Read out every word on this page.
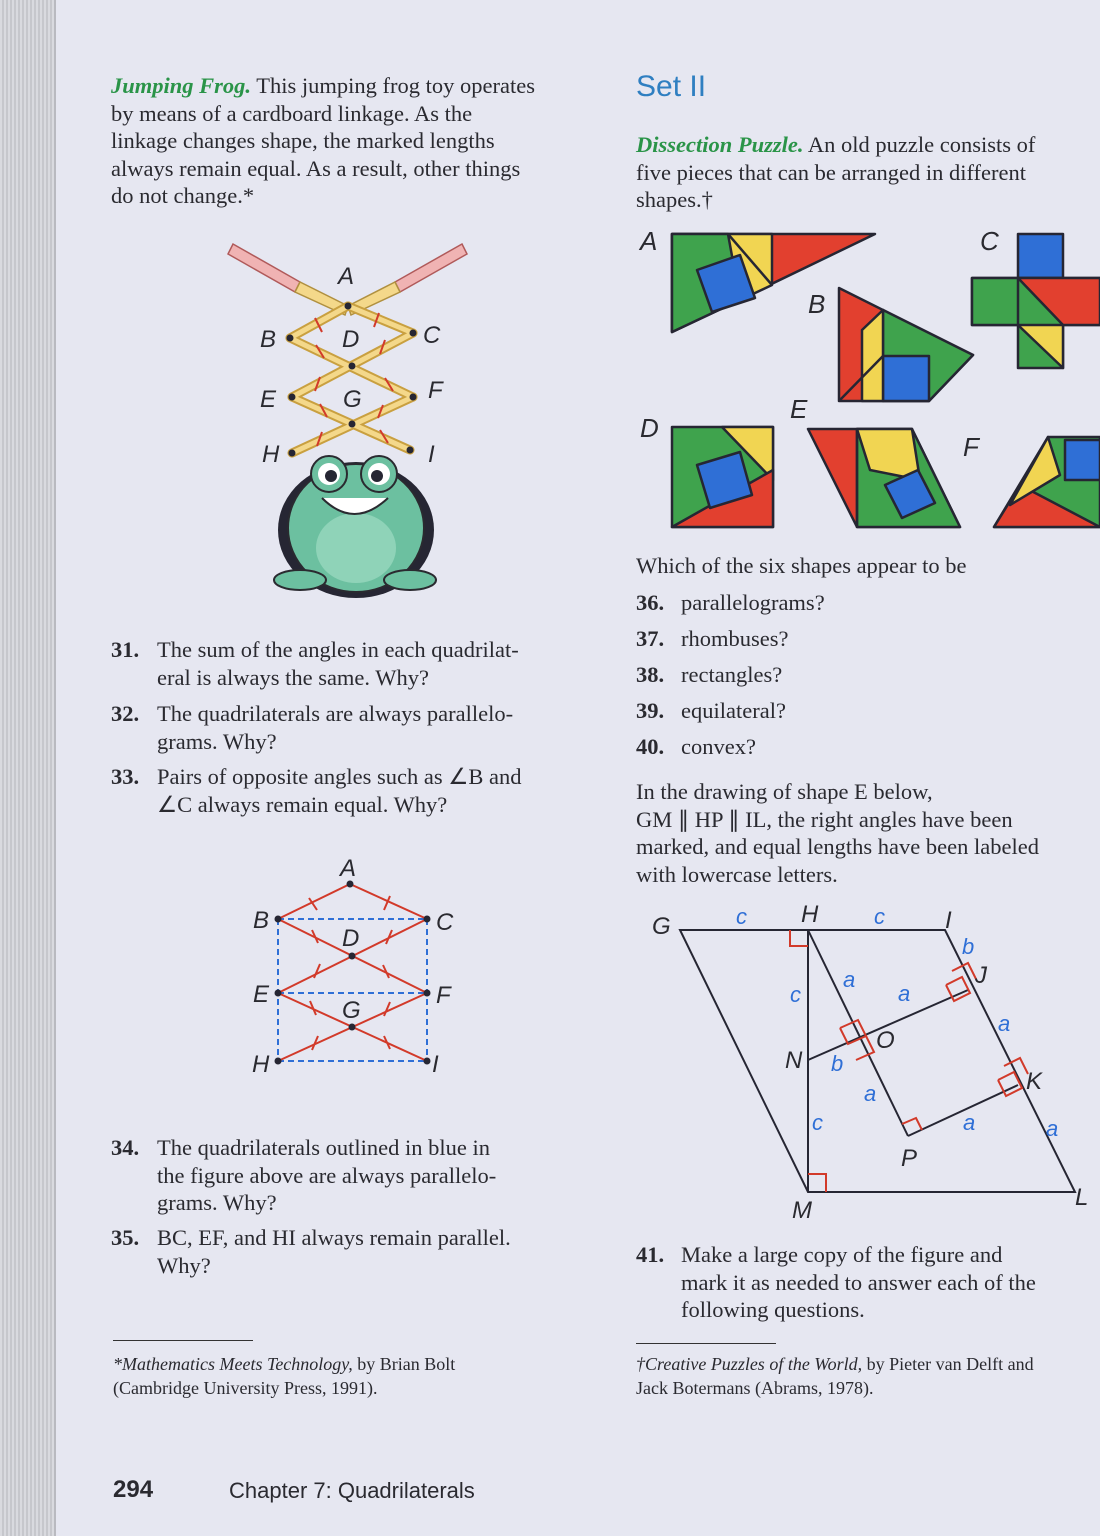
Jumping Frog. This jumping frog toy operates
by means of a cardboard linkage. As the
linkage changes shape, the marked lengths
always remain equal. As a result, other things
do not change.*
A
B	C
D
E	F
G
H	I
31. The sum of the angles in each quadrilat-
eral is always the same. Why?
32. The quadrilaterals are always parallelo-
grams. Why?
33. Pairs of opposite angles such as ∠B and
∠C always remain equal. Why?
A
B	C
D
E	F
G
H	I
34. The quadrilaterals outlined in blue in
the figure above are always parallelo-
grams. Why?
35. BC, EF, and HI always remain parallel.
Why?
*Mathematics Meets Technology, by Brian Bolt
(Cambridge University Press, 1991).
Set II
Dissection Puzzle. An old puzzle consists of
five pieces that can be arranged in different
shapes.†
A
B
C
D
E
F
Which of the six shapes appear to be
36. parallelograms?
37. rhombuses?
38. rectangles?
39. equilateral?
40. convex?
In the drawing of shape E below,
GM ∥ HP ∥ IL, the right angles have been
marked, and equal lengths have been labeled
with lowercase letters.
G	H	I
J
K
L
M
N
O
P
c	c
b
a
a
c
a
b
a
a	a
c
41. Make a large copy of the figure and
mark it as needed to answer each of the
following questions.
†Creative Puzzles of the World, by Pieter van Delft and
Jack Botermans (Abrams, 1978).
294	Chapter 7: Quadrilaterals
